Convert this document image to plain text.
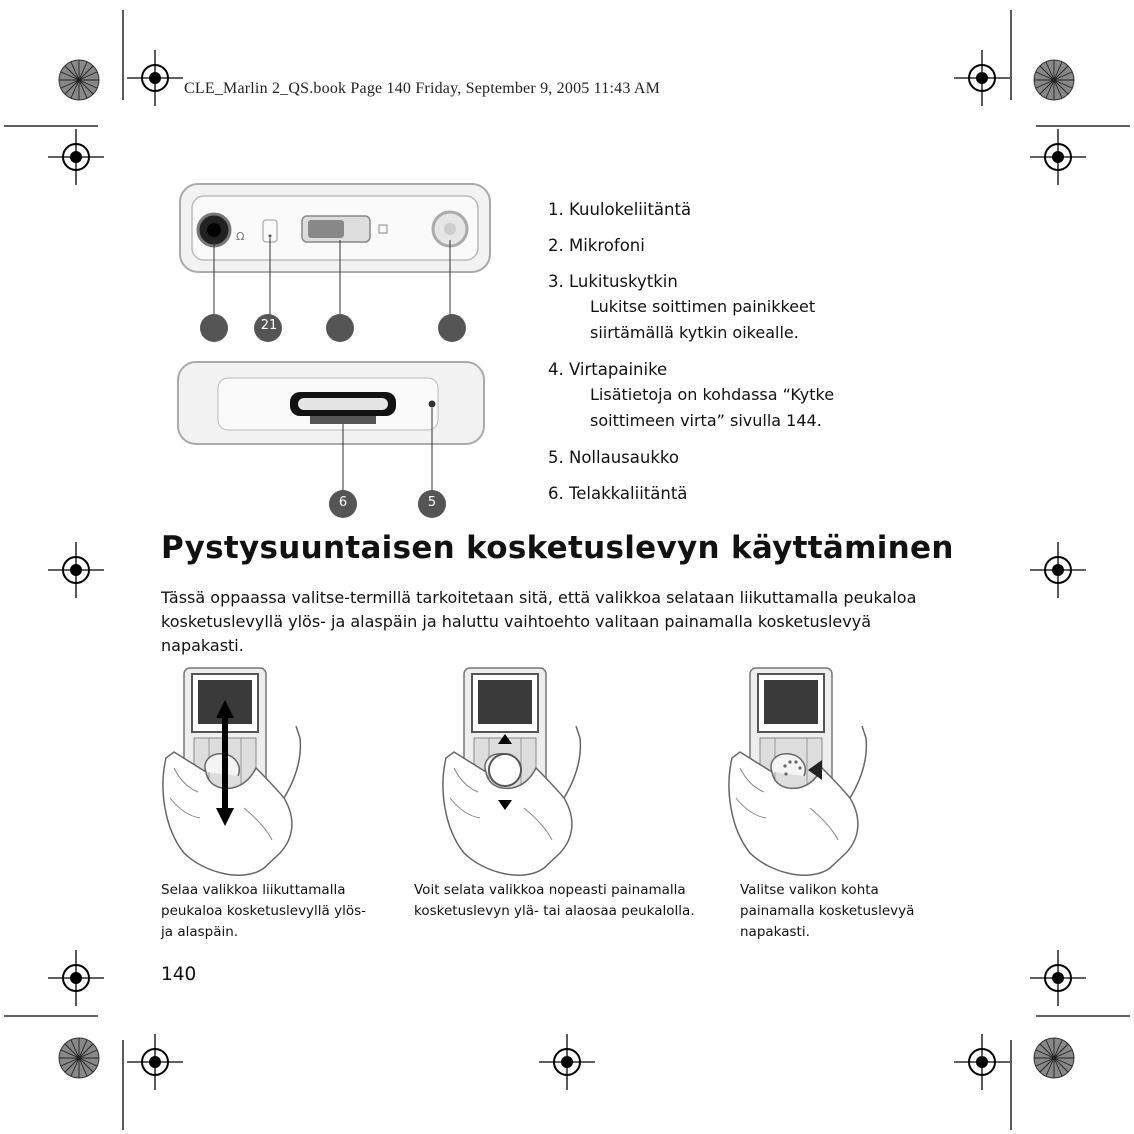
Ω
CLE_Marlin 2_QS.book Page 140 Friday, September 9, 2005 11:43 AM
21
6	5
1. Kuulokeliitäntä
2. Mikrofoni
3. Lukituskytkin
Lukitse soittimen painikkeet siirtämällä kytkin oikealle.
4. Virtapainike
Lisätietoja on kohdassa “Kytke soittimeen virta” sivulla 144.
5. Nollausaukko
6. Telakkaliitäntä
Pystysuuntaisen kosketuslevyn käyttäminen
Tässä oppaassa valitse-termillä tarkoitetaan sitä, että valikkoa selataan liikuttamalla peukaloa kosketuslevyllä ylös- ja alaspäin ja haluttu vaihtoehto valitaan painamalla kosketuslevyä napakasti.
Selaa valikkoa liikuttamalla peukaloa kosketuslevyllä ylös- ja alaspäin.
Voit selata valikkoa nopeasti painamalla kosketuslevyn ylä- tai alaosaa peukalolla.
Valitse valikon kohta painamalla kosketuslevyä napakasti.
140
